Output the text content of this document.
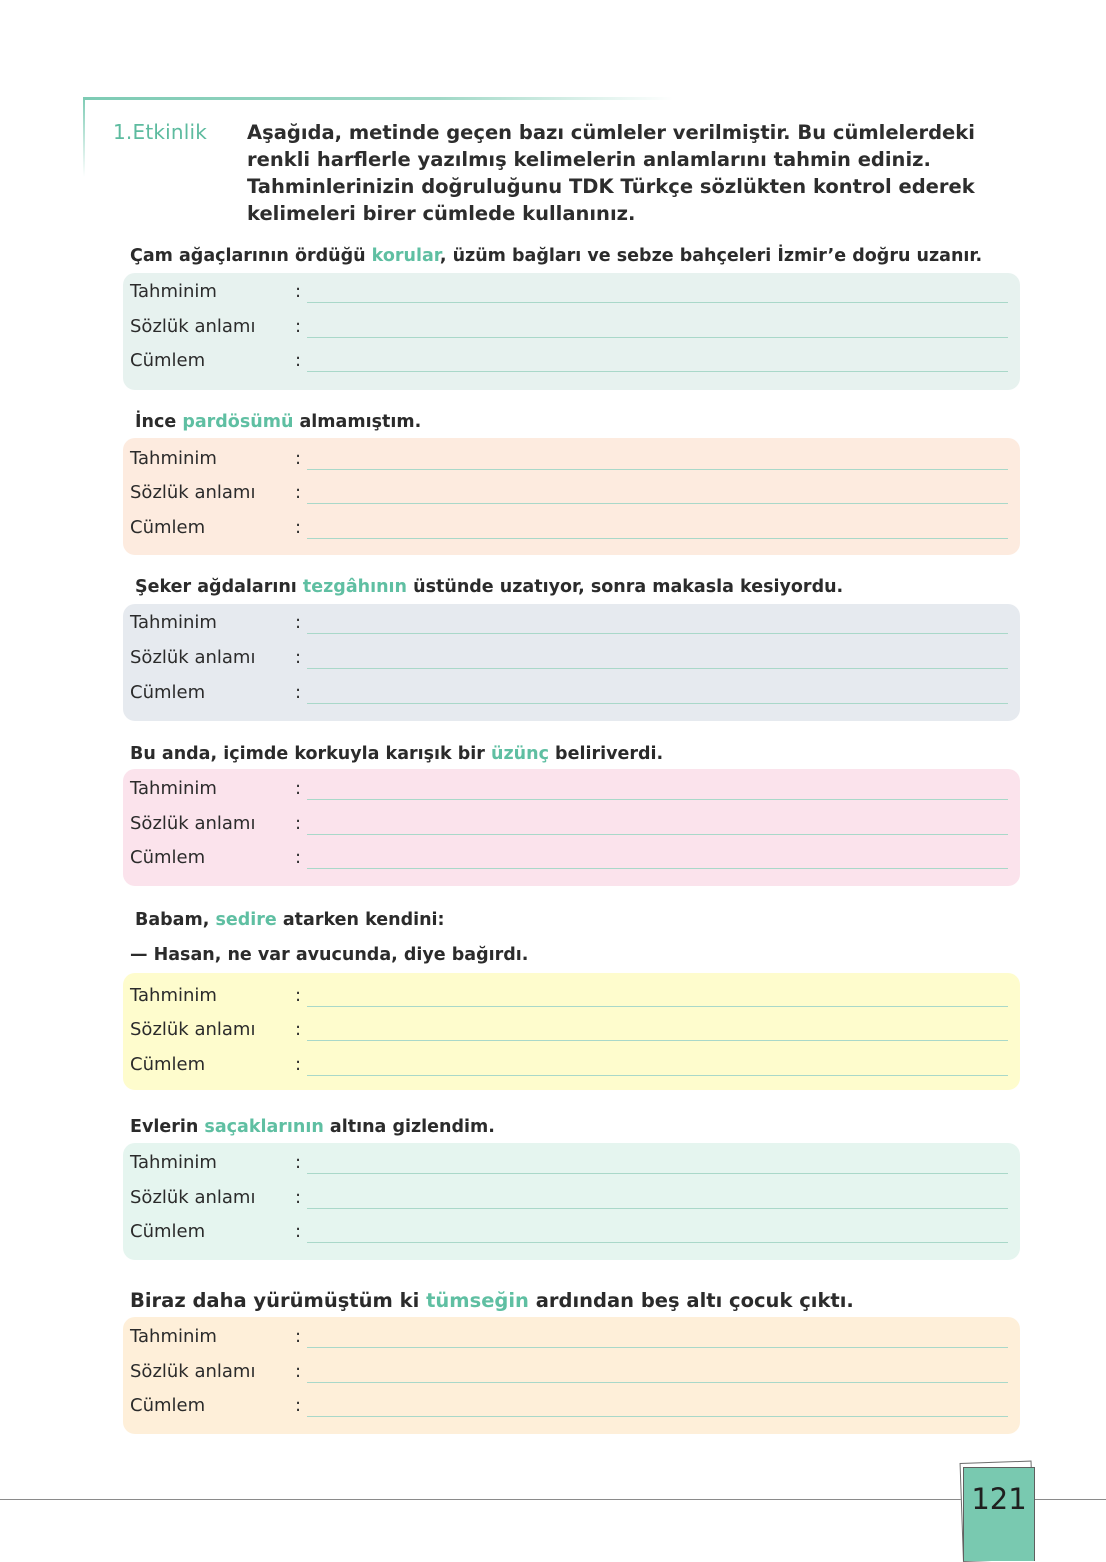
1.Etkinlik Aşağıda, metinde geçen bazı cümleler verilmiştir. Bu cümlelerdeki renkli harflerle yazılmış kelimelerin anlamlarını tahmin ediniz. Tahminlerinizin doğruluğunu TDK Türkçe sözlükten kontrol ederek kelimeleri birer cümlede kullanınız.
Çam ağaçlarının ördüğü korular, üzüm bağları ve sebze bahçeleri İzmir’e doğru uzanır.
Tahminim	:
Sözlük anlamı :
Cümlem	:
İnce pardösümü almamıştım.
Tahminim	:
Sözlük anlamı :
Cümlem	:
Şeker ağdalarını tezgâhının üstünde uzatıyor, sonra makasla kesiyordu.
Tahminim	:
Sözlük anlamı :
Cümlem	:
Bu anda, içimde korkuyla karışık bir üzünç beliriverdi.
Tahminim	:
Sözlük anlamı :
Cümlem	:
Babam, sedire atarken kendini:
— Hasan, ne var avucunda, diye bağırdı.
Tahminim	:
Sözlük anlamı :
Cümlem	:
Evlerin saçaklarının altına gizlendim.
Tahminim	:
Sözlük anlamı :
Cümlem	:
Biraz daha yürümüştüm ki tümseğin ardından beş altı çocuk çıktı.
Tahminim	:
Sözlük anlamı :
Cümlem	:
121
